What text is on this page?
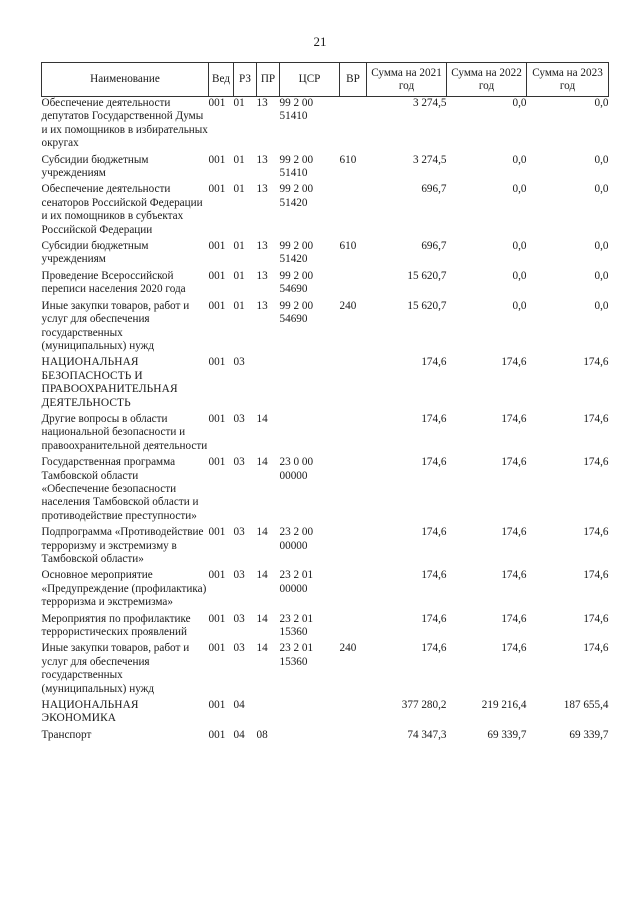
21
Наименование	Вед	РЗ	ПР	ЦСР	ВР	Сумма на 2021 год	Сумма на 2022 год	Сумма на 2023 год
Обеспечение деятельности депутатов Государственной Думы и их помощников в избирательных округах	001	01	13	99 2 00 51410		3 274,5	0,0	0,0
Субсидии бюджетным учреждениям	001	01	13	99 2 00 51410	610	3 274,5	0,0	0,0
Обеспечение деятельности сенаторов Российской Федерации и их помощников в субъектах Российской Федерации	001	01	13	99 2 00 51420		696,7	0,0	0,0
Субсидии бюджетным учреждениям	001	01	13	99 2 00 51420	610	696,7	0,0	0,0
Проведение Всероссийской переписи населения 2020 года	001	01	13	99 2 00 54690		15 620,7	0,0	0,0
Иные закупки товаров, работ и услуг для обеспечения государственных (муниципальных) нужд	001	01	13	99 2 00 54690	240	15 620,7	0,0	0,0
НАЦИОНАЛЬНАЯ БЕЗОПАСНОСТЬ И ПРАВООХРАНИТЕЛЬНАЯ ДЕЯТЕЛЬНОСТЬ	001	03				174,6	174,6	174,6
Другие вопросы в области национальной безопасности и правоохранительной деятельности	001	03	14			174,6	174,6	174,6
Государственная программа Тамбовской области «Обеспечение безопасности населения Тамбовской области и противодействие преступности»	001	03	14	23 0 00 00000		174,6	174,6	174,6
Подпрограмма «Противодействие терроризму и экстремизму в Тамбовской области»	001	03	14	23 2 00 00000		174,6	174,6	174,6
Основное мероприятие «Предупреждение (профилактика) терроризма и экстремизма»	001	03	14	23 2 01 00000		174,6	174,6	174,6
Мероприятия по профилактике террористических проявлений	001	03	14	23 2 01 15360		174,6	174,6	174,6
Иные закупки товаров, работ и услуг для обеспечения государственных (муниципальных) нужд	001	03	14	23 2 01 15360	240	174,6	174,6	174,6
НАЦИОНАЛЬНАЯ ЭКОНОМИКА	001	04				377 280,2	219 216,4	187 655,4
Транспорт	001	04	08			74 347,3	69 339,7	69 339,7
